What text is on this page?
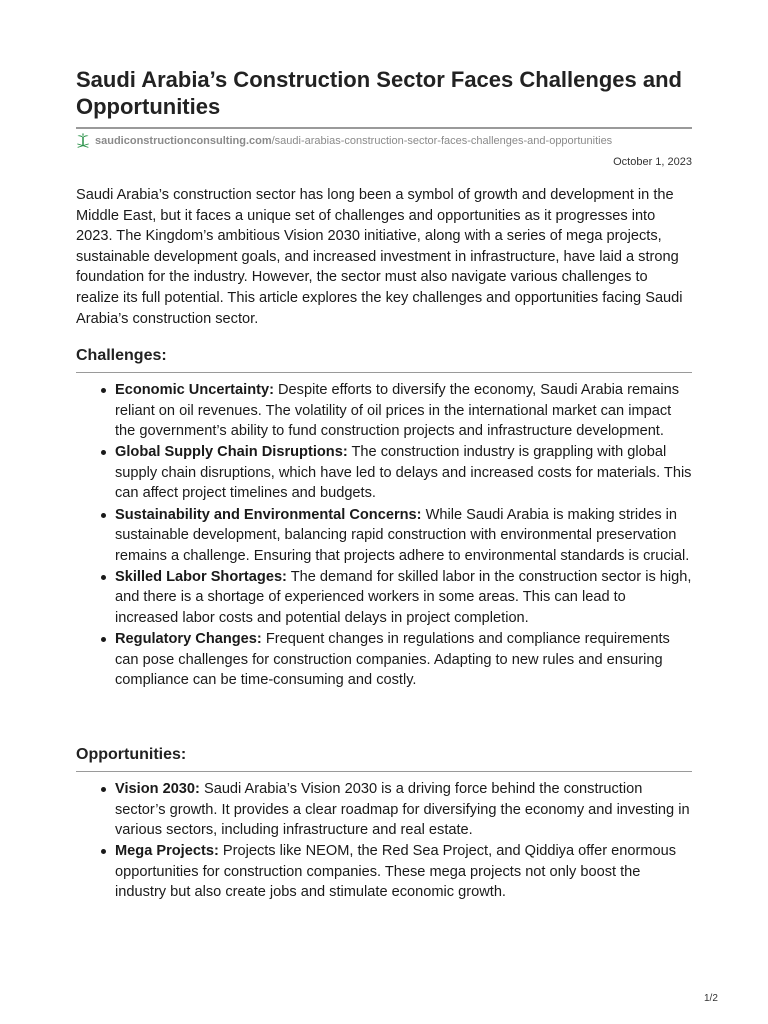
Saudi Arabia’s Construction Sector Faces Challenges and Opportunities
saudiconstructionconsulting.com /saudi-arabias-construction-sector-faces-challenges-and-opportunities
October 1, 2023

Saudi Arabia’s construction sector has long been a symbol of growth and development in the Middle East, but it faces a unique set of challenges and opportunities as it progresses into 2023. The Kingdom’s ambitious Vision 2030 initiative, along with a series of mega projects, sustainable development goals, and increased investment in infrastructure, have laid a strong foundation for the industry. However, the sector must also navigate various challenges to realize its full potential. This article explores the key challenges and opportunities facing Saudi Arabia’s construction sector.

Challenges:
Economic Uncertainty: Despite efforts to diversify the economy, Saudi Arabia remains reliant on oil revenues. The volatility of oil prices in the international market can impact the government’s ability to fund construction projects and infrastructure development.
Global Supply Chain Disruptions: The construction industry is grappling with global supply chain disruptions, which have led to delays and increased costs for materials. This can affect project timelines and budgets.
Sustainability and Environmental Concerns: While Saudi Arabia is making strides in sustainable development, balancing rapid construction with environmental preservation remains a challenge. Ensuring that projects adhere to environmental standards is crucial.
Skilled Labor Shortages: The demand for skilled labor in the construction sector is high, and there is a shortage of experienced workers in some areas. This can lead to increased labor costs and potential delays in project completion.
Regulatory Changes: Frequent changes in regulations and compliance requirements can pose challenges for construction companies. Adapting to new rules and ensuring compliance can be time-consuming and costly.
Opportunities:
Vision 2030: Saudi Arabia’s Vision 2030 is a driving force behind the construction sector’s growth. It provides a clear roadmap for diversifying the economy and investing in various sectors, including infrastructure and real estate.
Mega Projects: Projects like NEOM, the Red Sea Project, and Qiddiya offer enormous opportunities for construction companies. These mega projects not only boost the industry but also create jobs and stimulate economic growth.
1/2
